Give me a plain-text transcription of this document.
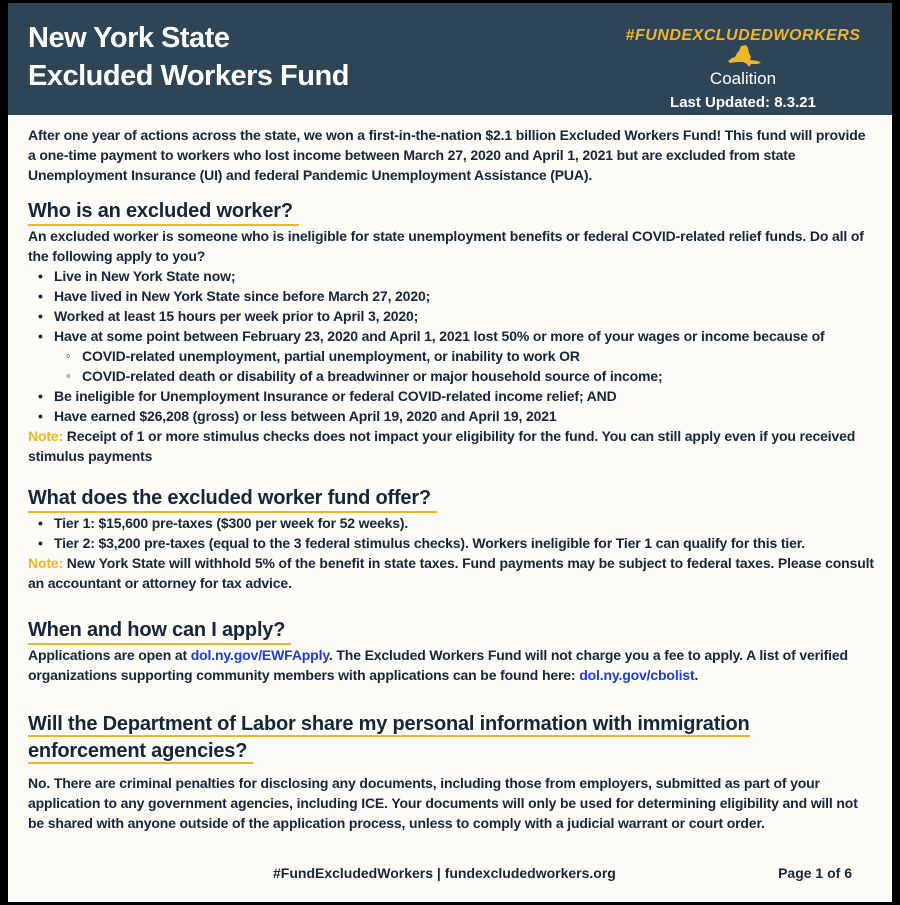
New York State
Excluded Workers Fund
#FUNDEXCLUDEDWORKERS
Coalition
Last Updated: 8.3.21

After one year of actions across the state, we won a first-in-the-nation $2.1 billion Excluded Workers Fund! This fund will provide a one-time payment to workers who lost income between March 27, 2020 and April 1, 2021 but are excluded from state Unemployment Insurance (UI) and federal Pandemic Unemployment Assistance (PUA).

Who is an excluded worker?

An excluded worker is someone who is ineligible for state unemployment benefits or federal COVID-related relief funds. Do all of the following apply to you?

• Live in New York State now;
• Have lived in New York State since before March 27, 2020;
• Worked at least 15 hours per week prior to April 3, 2020;
• Have at some point between February 23, 2020 and April 1, 2021 lost 50% or more of your wages or income because of
◦ COVID-related unemployment, partial unemployment, or inability to work OR
◦ COVID-related death or disability of a breadwinner or major household source of income;
• Be ineligible for Unemployment Insurance or federal COVID-related income relief; AND
• Have earned $26,208 (gross) or less between April 19, 2020 and April 19, 2021

Note: Receipt of 1 or more stimulus checks does not impact your eligibility for the fund. You can still apply even if you received stimulus payments

What does the excluded worker fund offer?
• Tier 1: $15,600 pre-taxes ($300 per week for 52 weeks).
• Tier 2: $3,200 pre-taxes (equal to the 3 federal stimulus checks). Workers ineligible for Tier 1 can qualify for this tier.

Note: New York State will withhold 5% of the benefit in state taxes. Fund payments may be subject to federal taxes. Please consult an accountant or attorney for tax advice.

When and how can I apply?

Applications are open at dol.ny.gov/EWFApply. The Excluded Workers Fund will not charge you a fee to apply. A list of verified organizations supporting community members with applications can be found here: dol.ny.gov/cbolist.

Will the Department of Labor share my personal information with immigration enforcement agencies?

No. There are criminal penalties for disclosing any documents, including those from employers, submitted as part of your application to any government agencies, including ICE. Your documents will only be used for determining eligibility and will not be shared with anyone outside of the application process, unless to comply with a judicial warrant or court order.

#FundExcludedWorkers | fundexcludedworkers.org	Page 1 of 6
